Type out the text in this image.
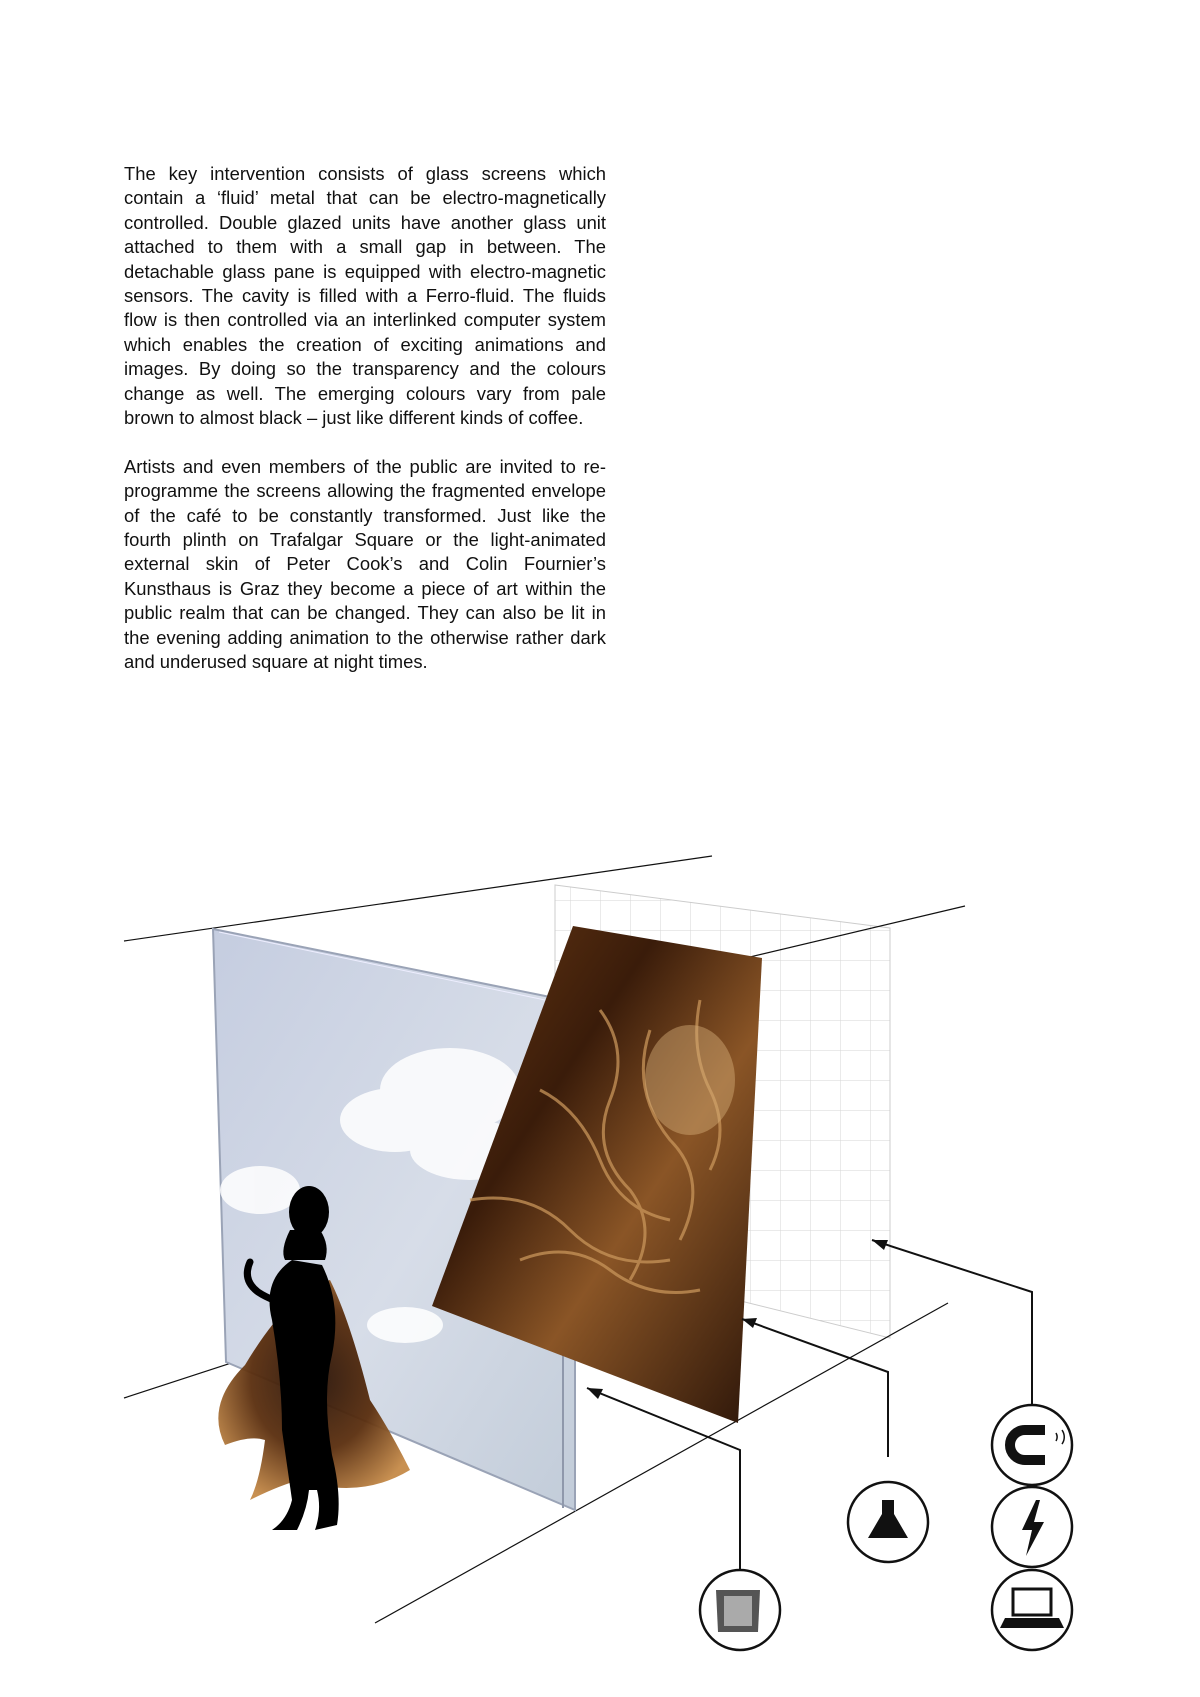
The key intervention consists of glass screens which contain a ‘fluid’ metal that can be electro-magnetically controlled. Double glazed units have another glass unit attached to them with a small gap in between. The detachable glass pane is equipped with electro-magnetic sensors. The cavity is filled with a Ferro-fluid. The fluids flow is then controlled via an interlinked computer system which enables the creation of exciting animations and images. By doing so the transparency and the colours change as well. The emerging colours vary from pale brown to almost black – just like different kinds of coffee.

Artists and even members of the public are invited to re-programme the screens allowing the fragmented envelope of the café to be constantly transformed. Just like the fourth plinth on Trafalgar Square or the light-animated external skin of Peter Cook’s and Colin Fournier’s Kunsthaus is Graz they become a piece of art within the public realm that can be changed. They can also be lit in the evening adding animation to the otherwise rather dark and underused square at night times.
